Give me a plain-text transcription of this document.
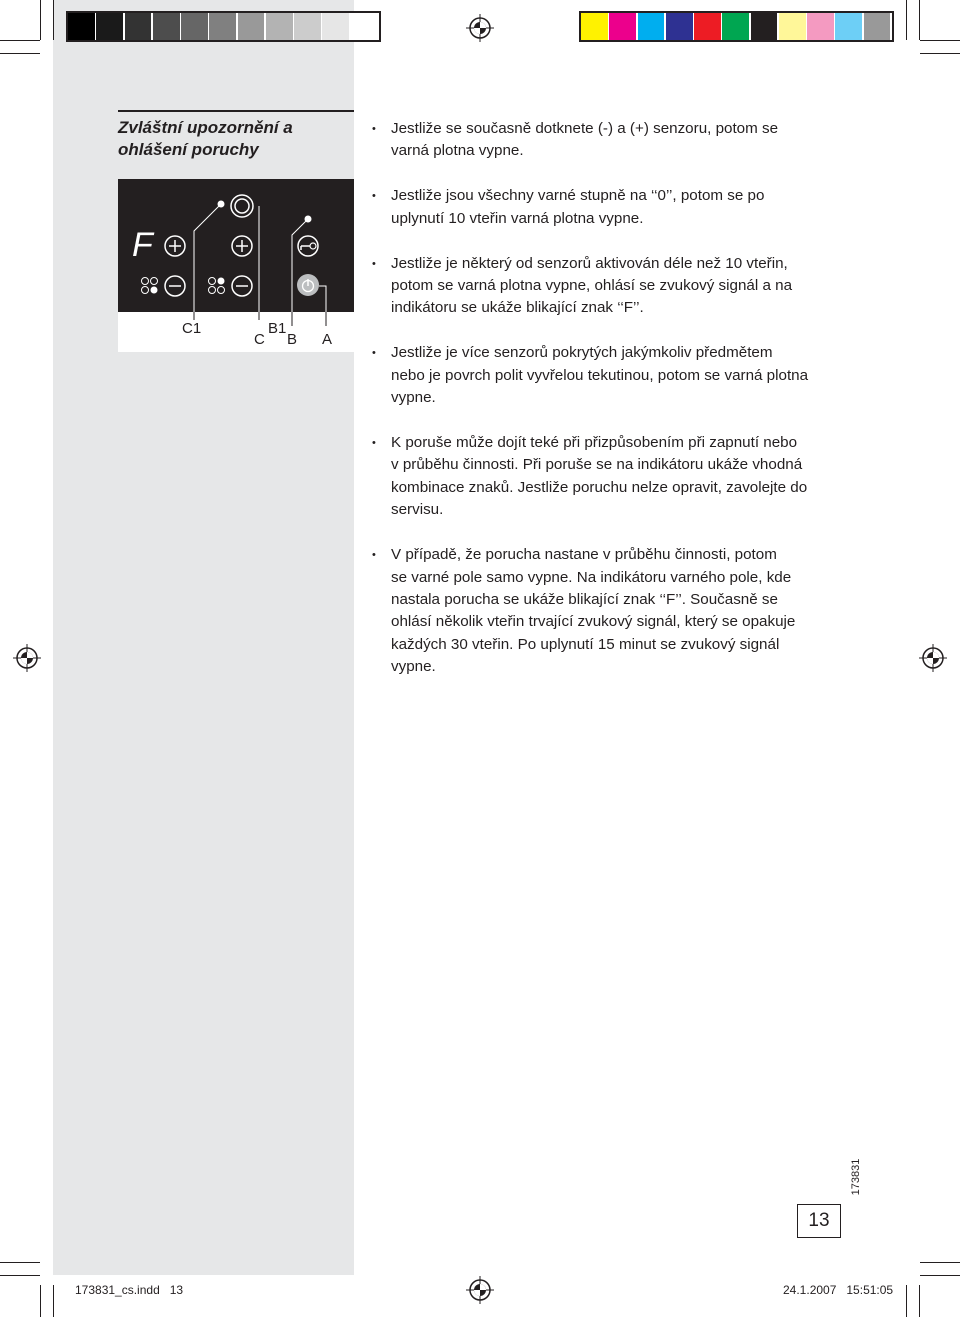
Zvláštní upozornění a
ohlášení poruchy
F
C1	B1
C B A
• Jestliže se současně dotknete (-) a (+) senzoru, potom se
varná plotna vypne.
• Jestliže jsou všechny varné stupně na ‘‘0’’, potom se po
uplynutí 10 vteřin varná plotna vypne.
• Jestliže je některý od senzorů aktivován déle než 10 vteřin,
potom se varná plotna vypne, ohlásí se zvukový signál a na
indikátoru se ukáže blikající znak ‘‘F’’.
• Jestliže je více senzorů pokrytých jakýmkoliv předmětem
nebo je povrch polit vyvřelou tekutinou, potom se varná plotna
vypne.
• K poruše může dojít teké při přizpůsobením při zapnutí nebo
v průběhu činnosti. Při poruše se na indikátoru ukáže vhodná
kombinace znaků. Jestliže poruchu nelze opravit, zavolejte do
servisu.
• V případě, že porucha nastane v průběhu činnosti, potom
se varné pole samo vypne. Na indikátoru varného pole, kde
nastala porucha se ukáže blikající znak ‘‘F’’. Současně se
ohlásí několik vteřin trvající zvukový signál, který se opakuje
každých 30 vteřin. Po uplynutí 15 minut se zvukový signál
vypne.
173831
13
173831_cs.indd   13	24.1.2007   15:51:05
